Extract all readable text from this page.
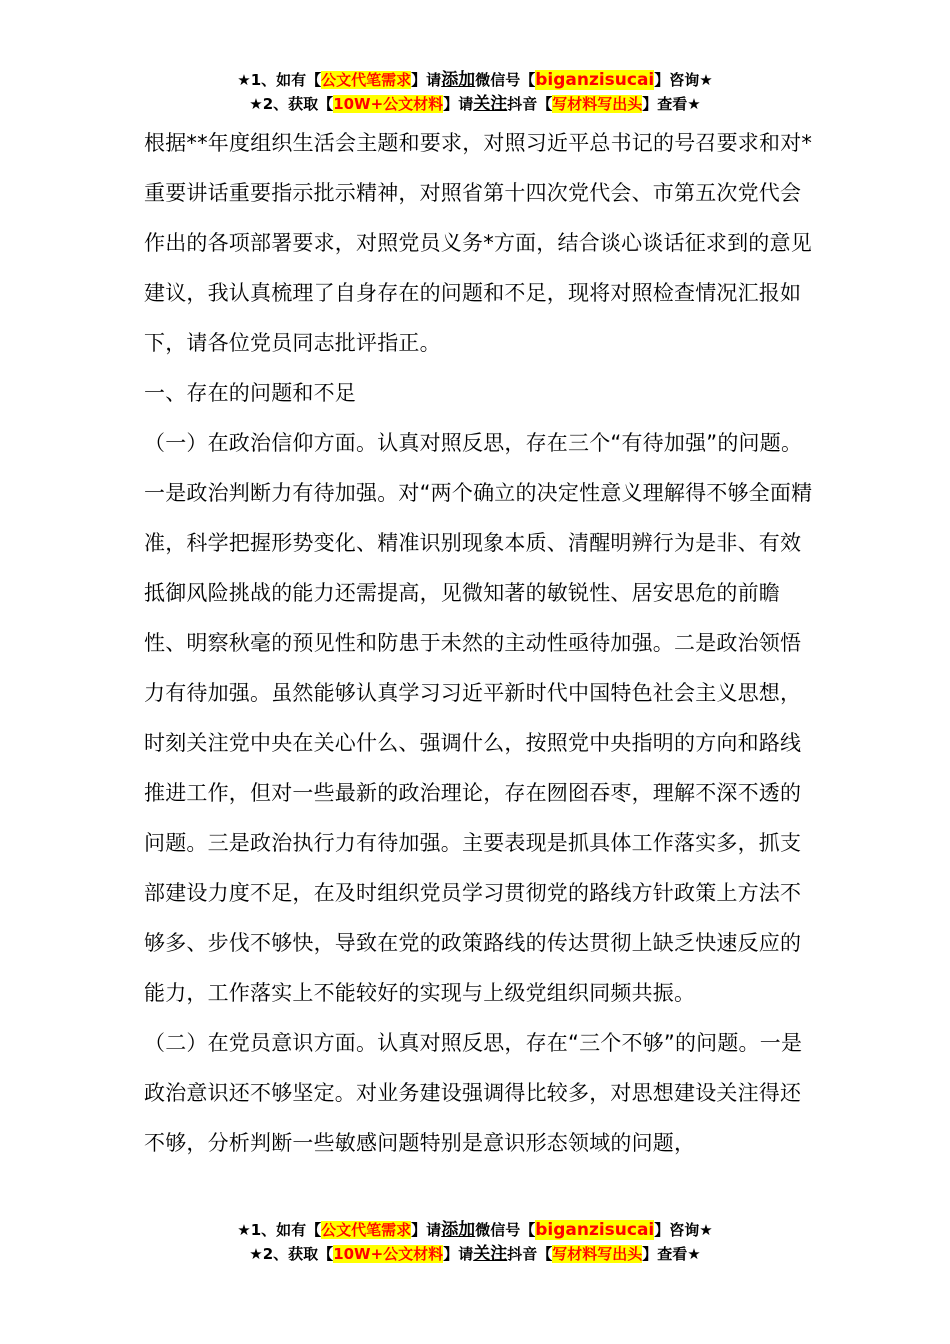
★1、如有【公文代笔需求】请添加微信号【biganzisucai】咨询★
★2、获取【10W+公文材料】请关注抖音【写材料写出头】查看★

根据**年度组织生活会主题和要求，对照习近平总书记的号召要求和对*重要讲话重要指示批示精神，对照省第十四次党代会、市第五次党代会作出的各项部署要求，对照党员义务*方面，结合谈心谈话征求到的意见建议，我认真梳理了自身存在的问题和不足，现将对照检查情况汇报如下，请各位党员同志批评指正。

一、存在的问题和不足

（一）在政治信仰方面。认真对照反思，存在三个“有待加强”的问题。一是政治判断力有待加强。对“两个确立的决定性意义理解得不够全面精准，科学把握形势变化、精准识别现象本质、清醒明辨行为是非、有效抵御风险挑战的能力还需提高，见微知著的敏锐性、居安思危的前瞻性、明察秋毫的预见性和防患于未然的主动性亟待加强。二是政治领悟力有待加强。虽然能够认真学习习近平新时代中国特色社会主义思想，时刻关注党中央在关心什么、强调什么，按照党中央指明的方向和路线推进工作，但对一些最新的政治理论，存在囫囵吞枣，理解不深不透的问题。三是政治执行力有待加强。主要表现是抓具体工作落实多，抓支部建设力度不足，在及时组织党员学习贯彻党的路线方针政策上方法不够多、步伐不够快，导致在党的政策路线的传达贯彻上缺乏快速反应的能力，工作落实上不能较好的实现与上级党组织同频共振。

（二）在党员意识方面。认真对照反思，存在“三个不够”的问题。一是政治意识还不够坚定。对业务建设强调得比较多，对思想建设关注得还不够，分析判断一些敏感问题特别是意识形态领域的问题，

★1、如有【公文代笔需求】请添加微信号【biganzisucai】咨询★
★2、获取【10W+公文材料】请关注抖音【写材料写出头】查看★
